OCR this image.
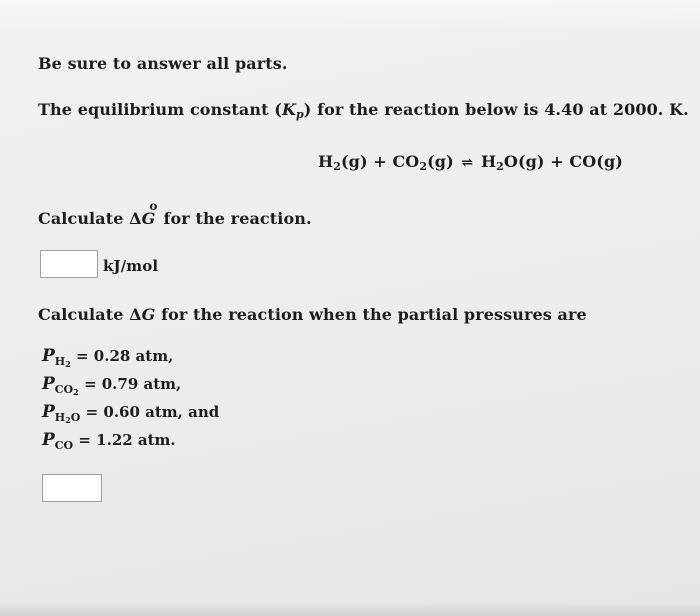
Be sure to answer all parts.
The equilibrium constant $(K_p)$ for the reaction below is 4.40 at 2000. K.
$H_2(g) + CO_2(g)$ ⇌ $H_2O(g) + CO(g)$
Calculate $\Delta G^ofor$ the reaction.
kJ/mol
Calculate ΔG for the reaction when the partial pressures are
$P_{H_2} = 0.28$ atm,
$P_{CO_2} = 0.79$ atm,
$P_{H_2O} = 0.60$ atm, and
$P_{CO} = 1.22$ atm.
